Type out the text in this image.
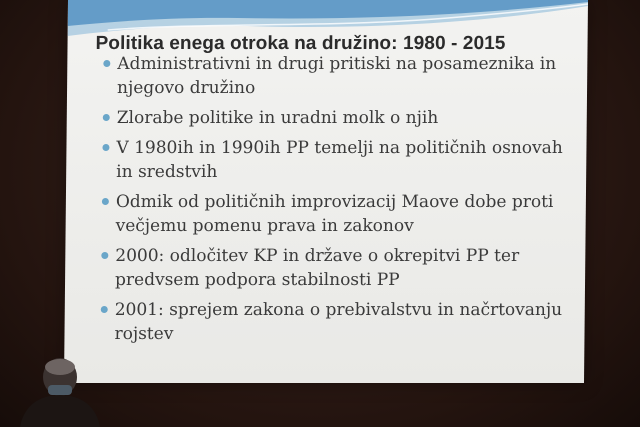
Politika enega otroka na družino: 1980 - 2015
Administrativni in drugi pritiski na posameznika in njegovo družino
Zlorabe politike in uradni molk o njih
V 1980ih in 1990ih PP temelji na političnih osnovah in sredstvih
Odmik od političnih improvizacij Maove dobe proti večjemu pomenu prava in zakonov
2000: odločitev KP in države o okrepitvi PP ter predvsem podpora stabilnosti PP
2001: sprejem zakona o prebivalstvu in načrtovanju rojstev
